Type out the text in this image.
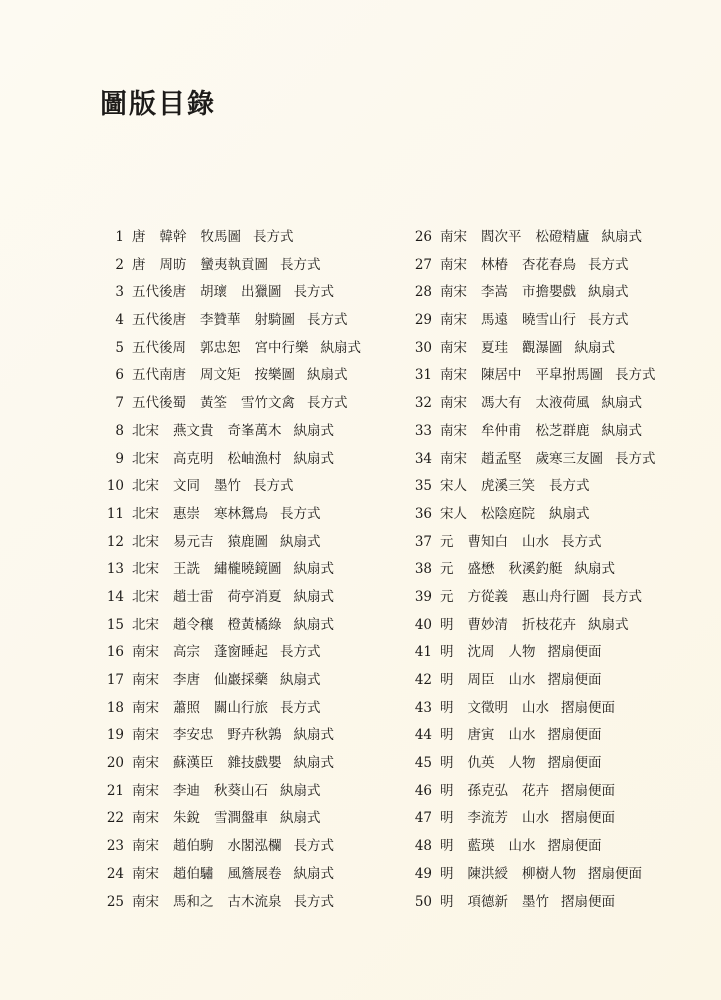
圖版目錄
1 唐 韓幹 牧馬圖 長方式
2 唐 周昉 蠻夷執貢圖 長方式
3 五代後唐 胡瓌 出獵圖 長方式
4 五代後唐 李贊華 射騎圖 長方式
5 五代後周 郭忠恕 宮中行樂 紈扇式
6 五代南唐 周文矩 按樂圖 紈扇式
7 五代後蜀 黃筌 雪竹文禽 長方式
8 北宋 燕文貴 奇峯萬木 紈扇式
9 北宋 高克明 松岫漁村 紈扇式
10 北宋 文同 墨竹 長方式
11 北宋 惠崇 寒林鴛鳥 長方式
12 北宋 易元吉 猿鹿圖 紈扇式
13 北宋 王詵 繡櫳曉鏡圖 紈扇式
14 北宋 趙士雷 荷亭消夏 紈扇式
15 北宋 趙令穰 橙黃橘綠 紈扇式
16 南宋 高宗 蓬窗睡起 長方式
17 南宋 李唐 仙巖採藥 紈扇式
18 南宋 蕭照 關山行旅 長方式
19 南宋 李安忠 野卉秋鶉 紈扇式
20 南宋 蘇漢臣 雜技戲嬰 紈扇式
21 南宋 李迪 秋葵山石 紈扇式
22 南宋 朱銳 雪澗盤車 紈扇式
23 南宋 趙伯駒 水閣泓欄 長方式
24 南宋 趙伯驌 風簷展卷 紈扇式
25 南宋 馬和之 古木流泉 長方式
26 南宋 閻次平 松磴精廬 紈扇式
27 南宋 林椿 杏花春鳥 長方式
28 南宋 李嵩 市擔嬰戲 紈扇式
29 南宋 馬遠 曉雪山行 長方式
30 南宋 夏珪 觀瀑圖 紈扇式
31 南宋 陳居中 平皐拊馬圖 長方式
32 南宋 馮大有 太液荷風 紈扇式
33 南宋 牟仲甫 松芝群鹿 紈扇式
34 南宋 趙孟堅 歲寒三友圖 長方式
35 宋人 虎溪三笑 長方式
36 宋人 松陰庭院 紈扇式
37 元 曹知白 山水 長方式
38 元 盛懋 秋溪釣艇 紈扇式
39 元 方從義 惠山舟行圖 長方式
40 明 曹妙清 折枝花卉 紈扇式
41 明 沈周 人物 摺扇便面
42 明 周臣 山水 摺扇便面
43 明 文徵明 山水 摺扇便面
44 明 唐寅 山水 摺扇便面
45 明 仇英 人物 摺扇便面
46 明 孫克弘 花卉 摺扇便面
47 明 李流芳 山水 摺扇便面
48 明 藍瑛 山水 摺扇便面
49 明 陳洪綬 柳樹人物 摺扇便面
50 明 項德新 墨竹 摺扇便面
